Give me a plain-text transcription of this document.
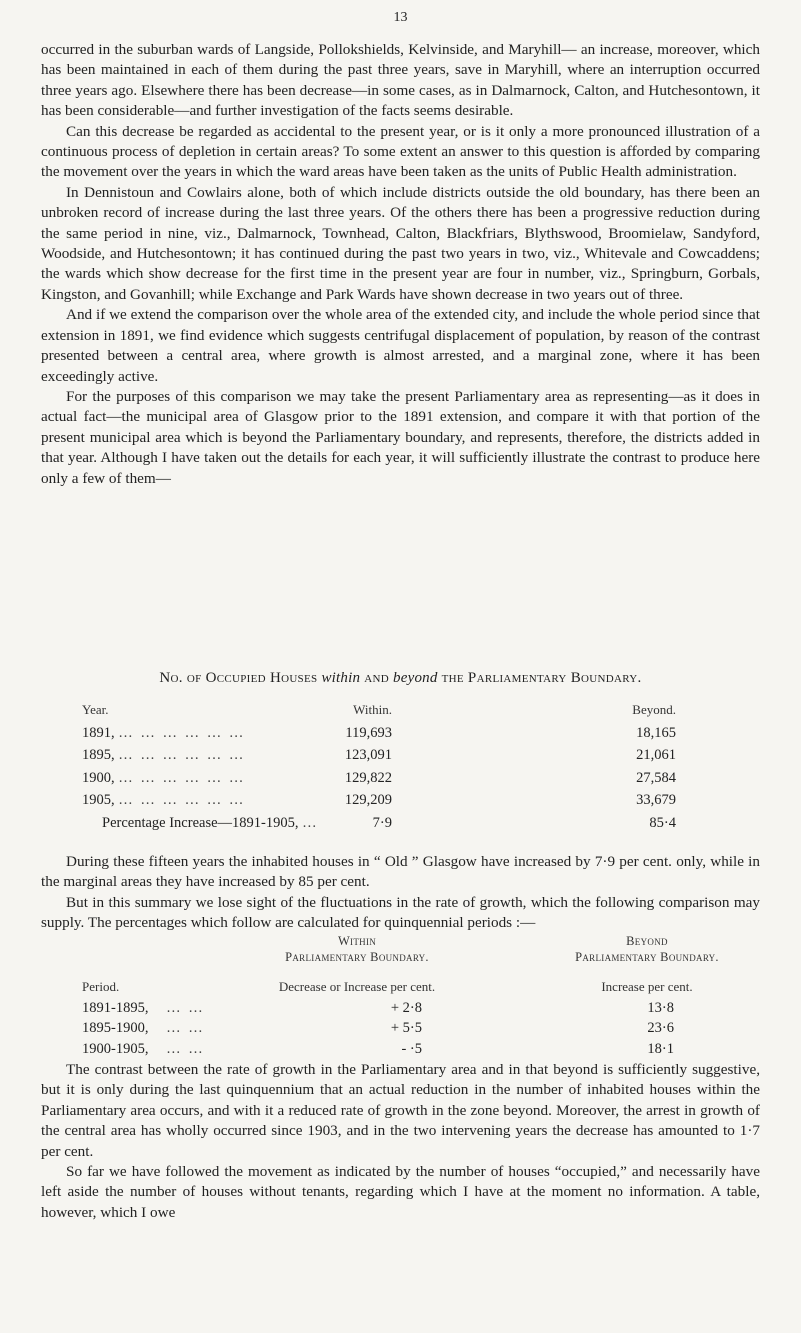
13

occurred in the suburban wards of Langside, Pollokshields, Kelvinside, and Maryhill— an increase, moreover, which has been maintained in each of them during the past three years, save in Maryhill, where an interruption occurred three years ago. Elsewhere there has been decrease—in some cases, as in Dalmarnock, Calton, and Hutchesontown, it has been considerable—and further investigation of the facts seems desirable.

Can this decrease be regarded as accidental to the present year, or is it only a more pronounced illustration of a continuous process of depletion in certain areas? To some extent an answer to this question is afforded by comparing the movement over the years in which the ward areas have been taken as the units of Public Health administration.

In Dennistoun and Cowlairs alone, both of which include districts outside the old boundary, has there been an unbroken record of increase during the last three years. Of the others there has been a progressive reduction during the same period in nine, viz., Dalmarnock, Townhead, Calton, Blackfriars, Blythswood, Broomielaw, Sandyford, Woodside, and Hutchesontown; it has continued during the past two years in two, viz., Whitevale and Cowcaddens; the wards which show decrease for the first time in the present year are four in number, viz., Springburn, Gorbals, Kingston, and Govanhill; while Exchange and Park Wards have shown decrease in two years out of three.

And if we extend the comparison over the whole area of the extended city, and include the whole period since that extension in 1891, we find evidence which suggests centrifugal displacement of population, by reason of the contrast presented between a central area, where growth is almost arrested, and a marginal zone, where it has been exceedingly active.

For the purposes of this comparison we may take the present Parliamentary area as representing—as it does in actual fact—the municipal area of Glasgow prior to the 1891 extension, and compare it with that portion of the present municipal area which is beyond the Parliamentary boundary, and represents, therefore, the districts added in that year. Although I have taken out the details for each year, it will sufficiently illustrate the contrast to produce here only a few of them—

No. of Occupied Houses within and beyond the Parliamentary Boundary.
Year.	Within.	Beyond.
1891, … … … … … …	119,693	18,165
1895, … … … … … …	123,091	21,061
1900, … … … … … …	129,822	27,584
1905, … … … … … …	129,209	33,679
Percentage Increase—1891-1905, …	7·9	85·4

During these fifteen years the inhabited houses in “ Old ” Glasgow have increased by 7·9 per cent. only, while in the marginal areas they have increased by 85 per cent.

But in this summary we lose sight of the fluctuations in the rate of growth, which the following comparison may supply. The percentages which follow are calculated for quinquennial periods :—

Within
Parliamentary Boundary.
Beyond
Parliamentary Boundary.
Period.	Decrease or Increase per cent.	Increase per cent.
1891-1895, … …	+ 2·8	13·8
1895-1900, … …	+ 5·5	23·6
1900-1905, … …	- ·5	18·1

The contrast between the rate of growth in the Parliamentary area and in that beyond is sufficiently suggestive, but it is only during the last quinquennium that an actual reduction in the number of inhabited houses within the Parliamentary area occurs, and with it a reduced rate of growth in the zone beyond. Moreover, the arrest in growth of the central area has wholly occurred since 1903, and in the two intervening years the decrease has amounted to 1·7 per cent.

So far we have followed the movement as indicated by the number of houses “occupied,” and necessarily have left aside the number of houses without tenants, regarding which I have at the moment no information. A table, however, which I owe
